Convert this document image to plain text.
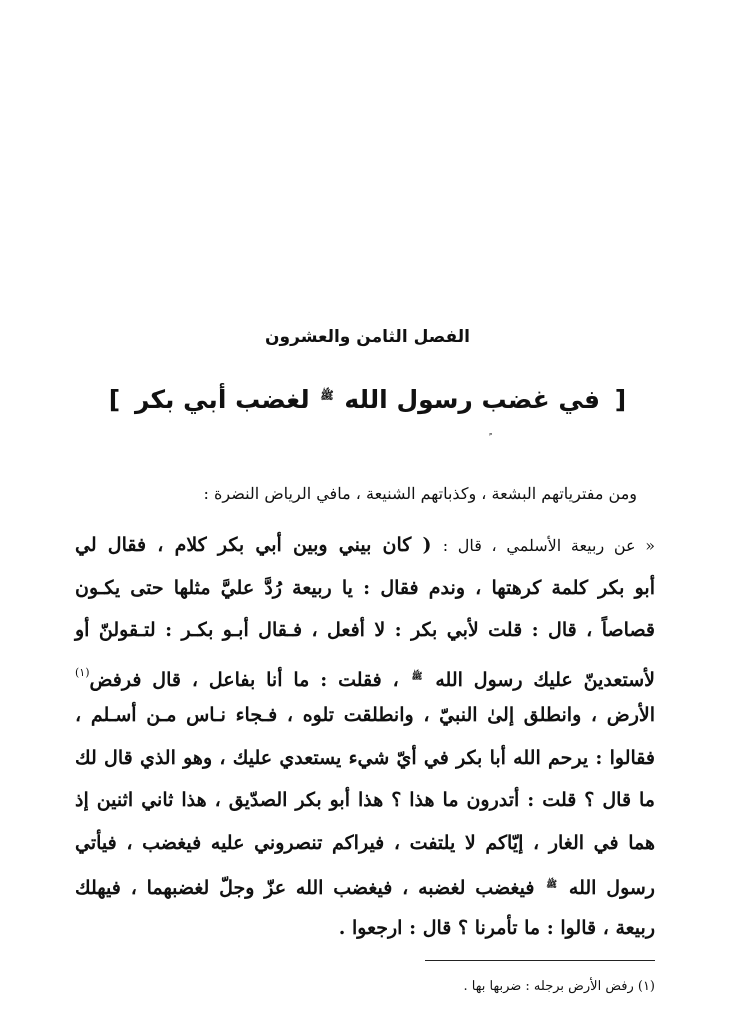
الفصل الثامن والعشرون
[ في غضب رسول الله $^ﷺ$ لغضب أبي بكر ]
ومن مفترياتهم البشعة ، وكذباتهم الشنيعة ، مافي الرياض النضرة :
« عن ربيعة الأسلمي ، قال : ( كان بيني وبين أبي بكر كلام ، فقال لي
أبو بكر كلمة كرهتها ، وندم فقال : يا ربيعة رُدَّ عليَّ مثلها حتى يكـون
قصاصاً ، قال : قلت لأبي بكر : لا أفعل ، فـقال أبـو بكـر : لتـقولنّ أو
لأستعدينّ عليك رسول الله $^ﷺ$ ، فقلت : ما أنا بفاعل ، قال فرفض$^{(١)}$
الأرض ، وانطلق إلىٰ النبيّ ، وانطلقت تلوه ، فـجاء نـاس مـن أسـلم ،
فقالوا : يرحم الله أبا بكر في أيّ شيء يستعدي عليك ، وهو الذي قال لك
ما قال ؟ قلت : أتدرون ما هذا ؟ هذا أبو بكر الصدّيق ، هذا ثاني اثنين إذ
هما في الغار ، إيّاكم لا يلتفت ، فيراكم تنصروني عليه فيغضب ، فيأتي
رسول الله $^ﷺ$ فيغضب لغضبه ، فيغضب الله عزّ وجلّ لغضبهما ، فيهلك
ربيعة ، قالوا : ما تأمرنا ؟ قال : ارجعوا .
(١) رفض الأرض برجله : ضربها بها .
